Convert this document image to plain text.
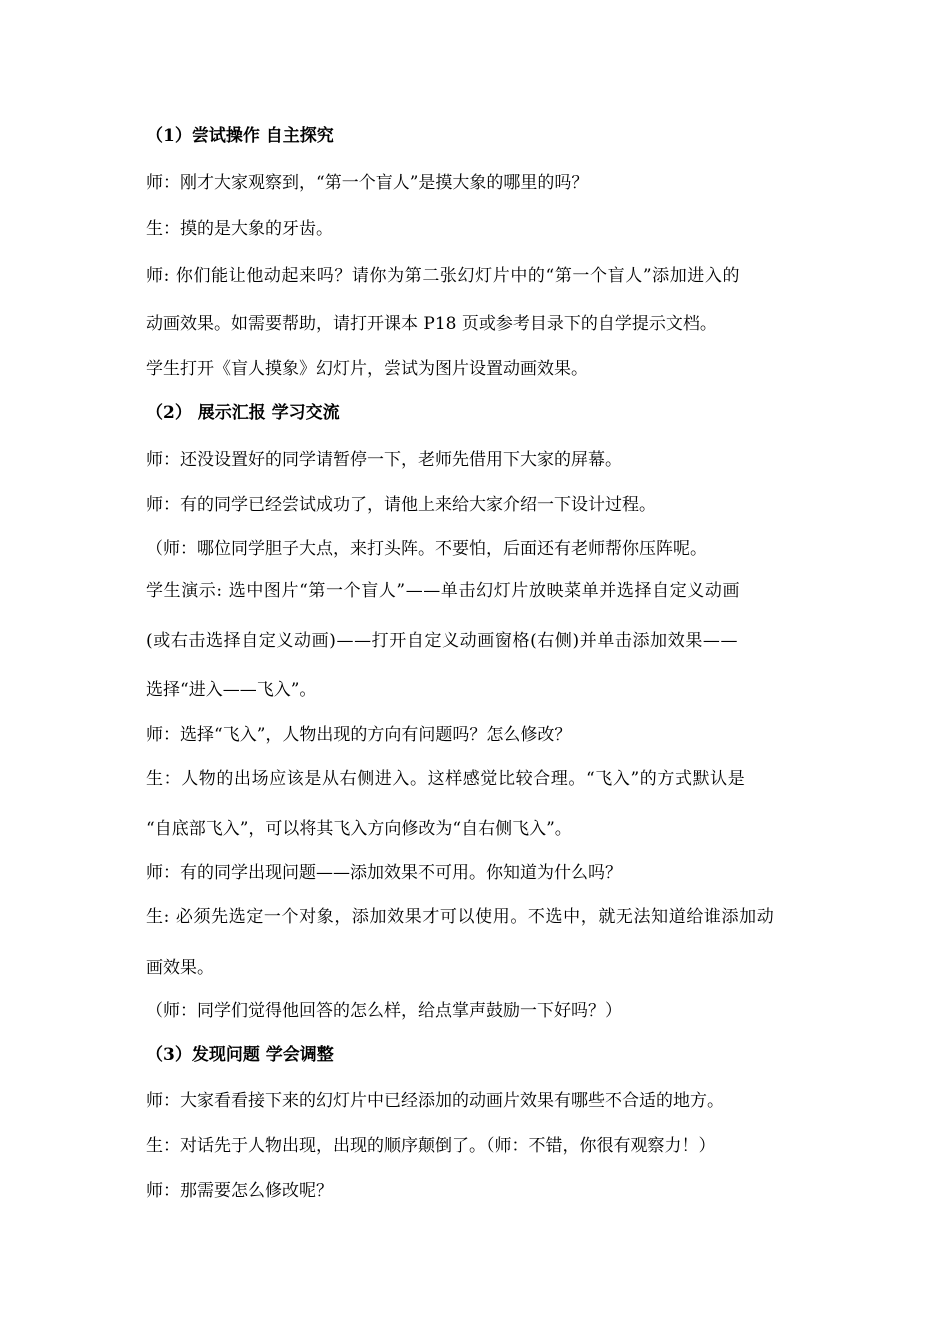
（1）尝试操作 自主探究
师：刚才大家观察到，“第一个盲人”是摸大象的哪里的吗？
生：摸的是大象的牙齿。
师: 你们能让他动起来吗？请你为第二张幻灯片中的“第一个盲人”添加进入的
动画效果。如需要帮助，请打开课本 P18 页或参考目录下的自学提示文档。
学生打开《盲人摸象》幻灯片，尝试为图片设置动画效果。
（2） 展示汇报 学习交流
师：还没设置好的同学请暂停一下，老师先借用下大家的屏幕。
师：有的同学已经尝试成功了，请他上来给大家介绍一下设计过程。
（师：哪位同学胆子大点，来打头阵。不要怕，后面还有老师帮你压阵呢。
学生演示: 选中图片“第一个盲人”——单击幻灯片放映菜单并选择自定义动画
(或右击选择自定义动画)——打开自定义动画窗格(右侧)并单击添加效果——
选择“进入——飞入”。
师：选择“飞入”，人物出现的方向有问题吗？怎么修改？
生：人物的出场应该是从右侧进入。这样感觉比较合理。“飞入”的方式默认是
“自底部飞入”，可以将其飞入方向修改为“自右侧飞入”。
师：有的同学出现问题——添加效果不可用。你知道为什么吗？
生: 必须先选定一个对象，添加效果才可以使用。不选中，就无法知道给谁添加动
画效果。
（师：同学们觉得他回答的怎么样，给点掌声鼓励一下好吗？）
（3）发现问题 学会调整
师：大家看看接下来的幻灯片中已经添加的动画片效果有哪些不合适的地方。
生：对话先于人物出现，出现的顺序颠倒了。（师：不错，你很有观察力！）
师：那需要怎么修改呢？
